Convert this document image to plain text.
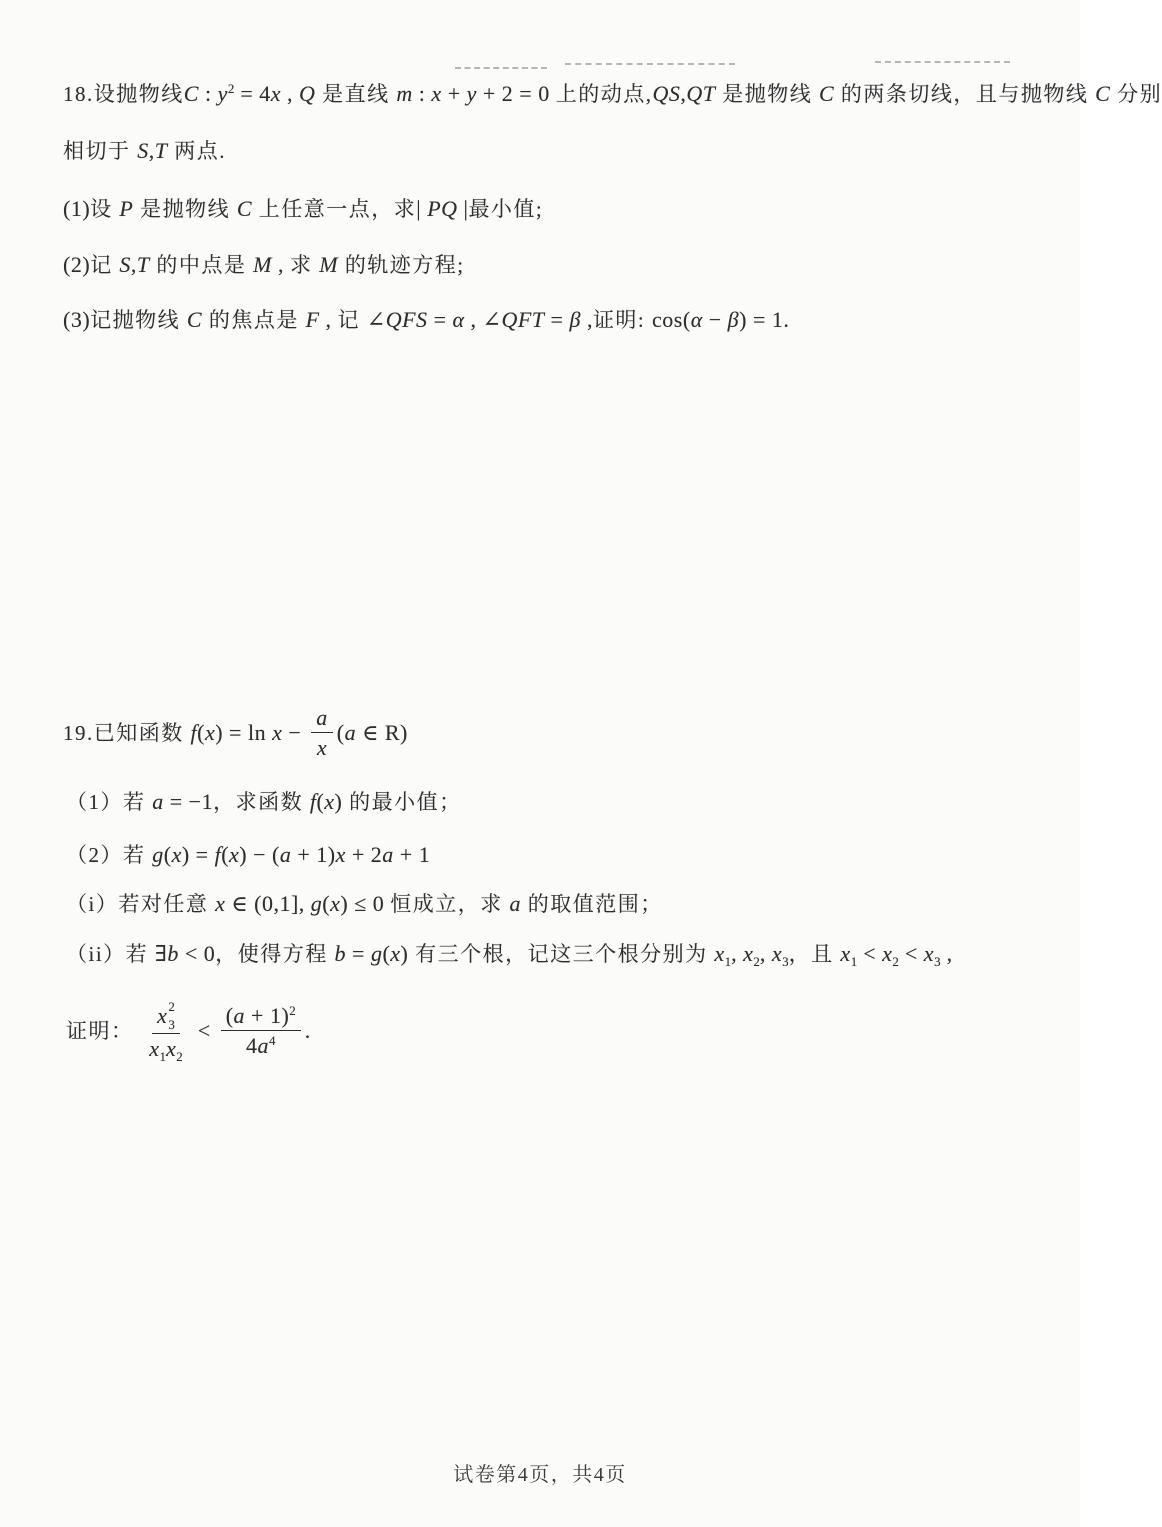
18.设抛物线C : $y^2 = 4x$ , Q 是直线 m : x + y + 2 = 0 上的动点,QS,QT 是抛物线 C 的两条切线，且与抛物线 C 分别
相切于 S,T 两点.
(1)设 P 是抛物线 C 上任意一点，求| PQ |最小值;
(2)记 S,T 的中点是 M , 求 M 的轨迹方程;
(3)记抛物线 C 的焦点是 F , 记 ∠QFS = α , ∠QFT = β ,证明: cos(α − β) = 1.
19.已知函数 $f(x) = \ln x - \frac{a}{x} (a$ ∈ R)
（1）若 a = −1，求函数 f(x) 的最小值；
（2）若 g(x) = f(x) − (a + 1)x + 2a + 1
（i）若对任意 x ∈ (0,1], g(x) ≤ 0 恒成立，求 a 的取值范围；
（ii）若 ∃b < 0，使得方程 b = g(x) 有三个根，记这三个根分别为 $x_1$, $x_2$, $x_3$，且 $x_1 < x_2 < x_3$ ,
证明： x 2
3
$x_1x_2 < \frac{(a + 1)^2}{4a^4}$ .
试卷第4页，共4页
